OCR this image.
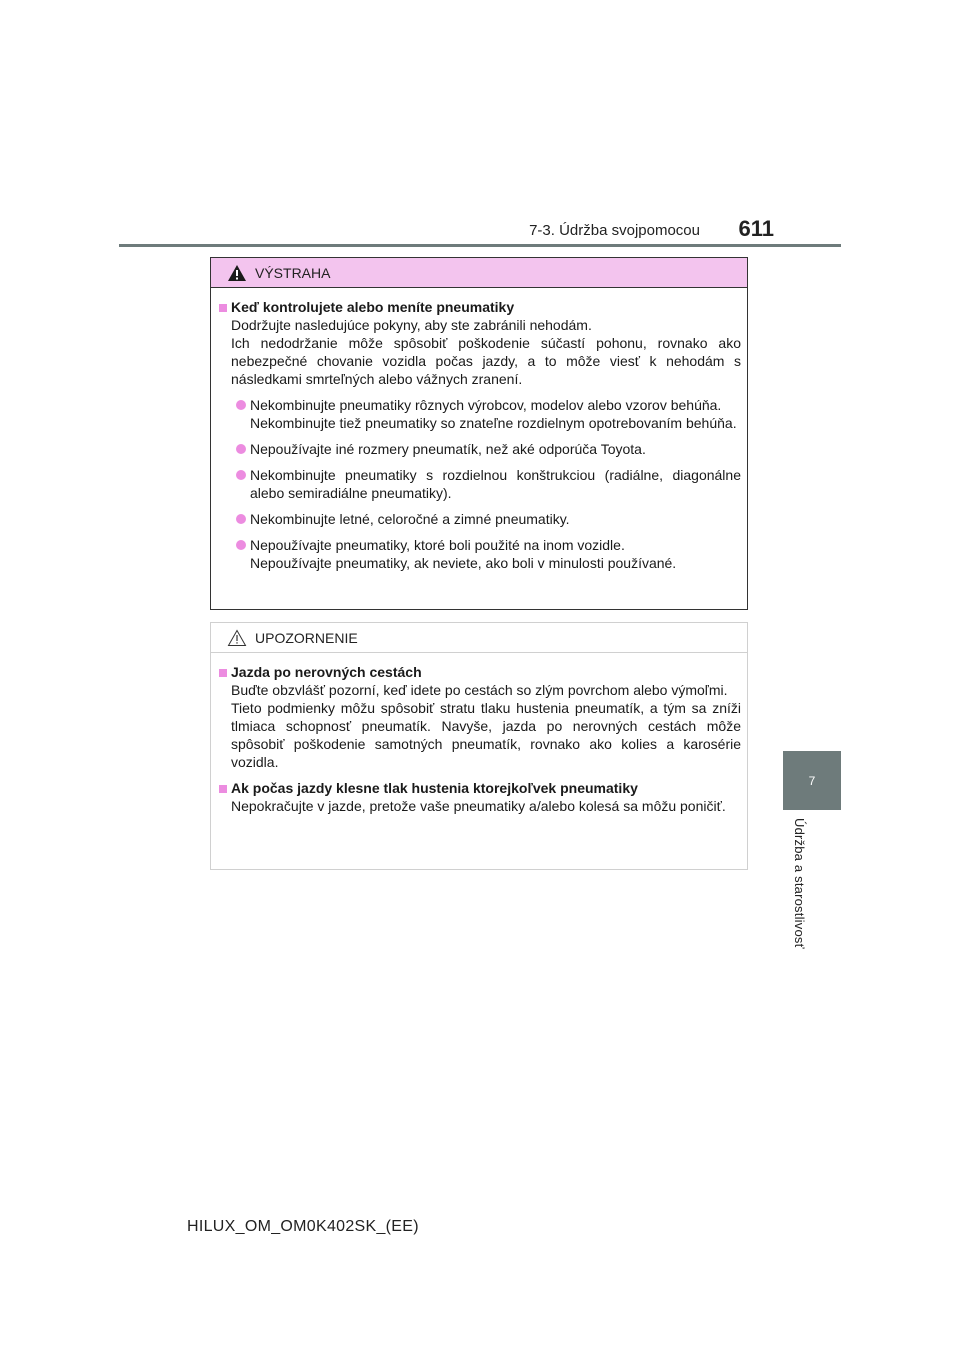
7-3. Údržba svojpomocou	611
7
Údržba a starostlivosť
VÝSTRAHA
Keď kontrolujete alebo meníte pneumatiky
Dodržujte nasledujúce pokyny, aby ste zabránili nehodám.
Ich nedodržanie môže spôsobiť poškodenie súčastí pohonu, rovnako ako nebezpečné chovanie vozidla počas jazdy, a to môže viesť k nehodám s následkami smrteľných alebo vážnych zranení.
Nekombinujte pneumatiky rôznych výrobcov, modelov alebo vzorov behúňa.
Nekombinujte tiež pneumatiky so znateľne rozdielnym opotrebovaním behúňa.
Nepoužívajte iné rozmery pneumatík, než aké odporúča Toyota.
Nekombinujte pneumatiky s rozdielnou konštrukciou (radiálne, diagonálne alebo semiradiálne pneumatiky).
Nekombinujte letné, celoročné a zimné pneumatiky.
Nepoužívajte pneumatiky, ktoré boli použité na inom vozidle.
Nepoužívajte pneumatiky, ak neviete, ako boli v minulosti používané.
UPOZORNENIE
Jazda po nerovných cestách
Buďte obzvlášť pozorní, keď idete po cestách so zlým povrchom alebo výmoľmi.
Tieto podmienky môžu spôsobiť stratu tlaku hustenia pneumatík, a tým sa zníži tlmiaca schopnosť pneumatík. Navyše, jazda po nerovných cestách môže spôsobiť poškodenie samotných pneumatík, rovnako ako kolies a karosérie vozidla.
Ak počas jazdy klesne tlak hustenia ktorejkoľvek pneumatiky
Nepokračujte v jazde, pretože vaše pneumatiky a/alebo kolesá sa môžu poničiť.
HILUX_OM_OM0K402SK_(EE)
